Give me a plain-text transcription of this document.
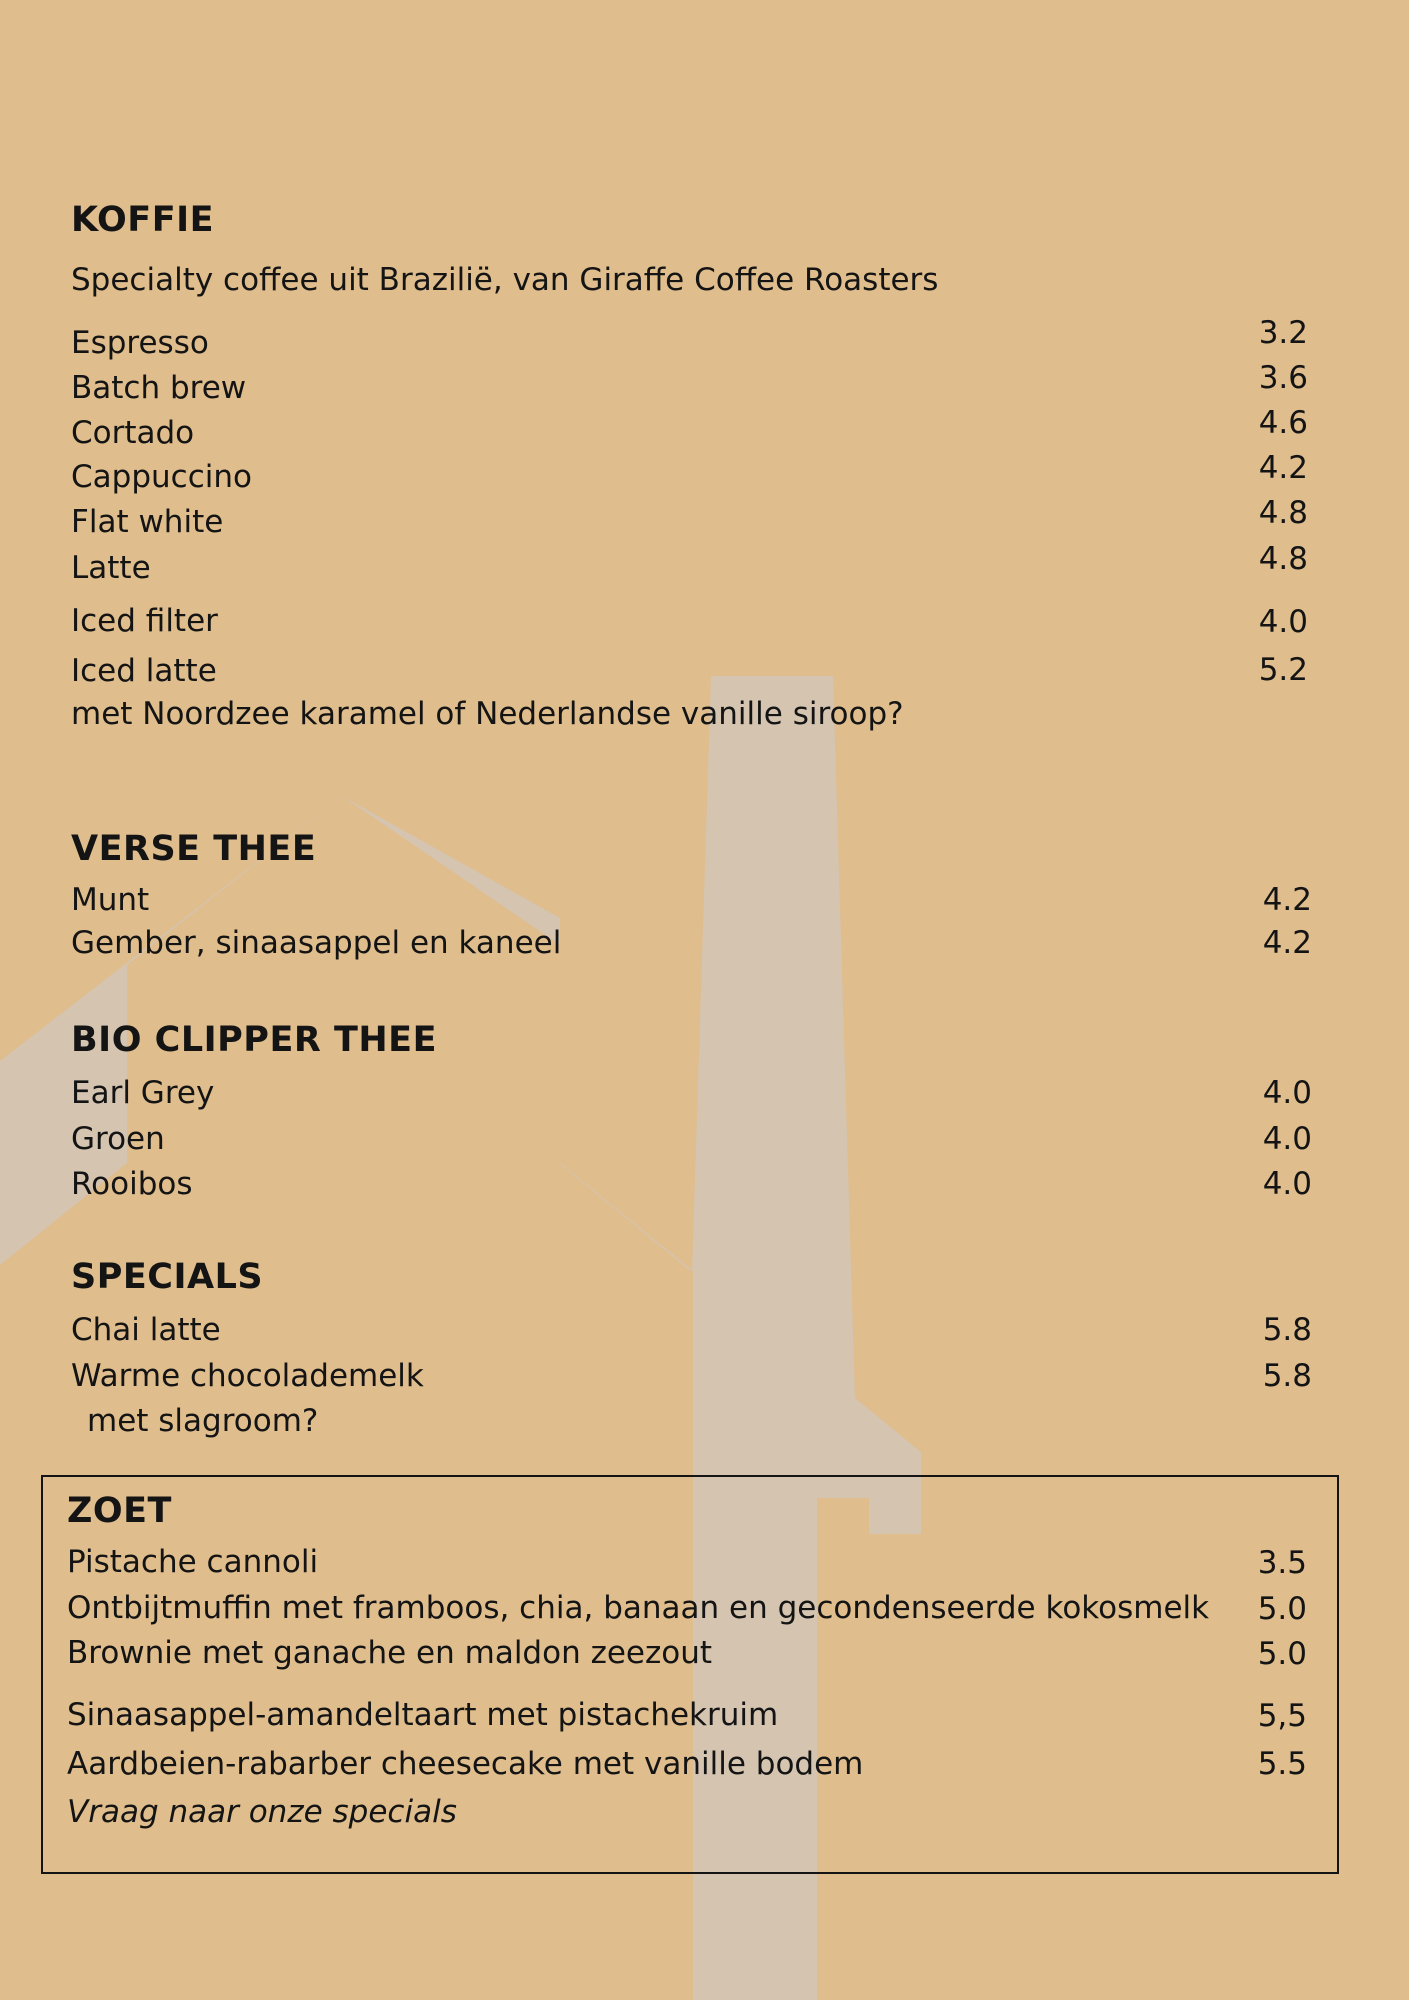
KOFFIE
Specialty coffee uit Brazilië, van Giraffe Coffee Roasters
Espresso	3.2
Batch brew	3.6
Cortado	4.6
Cappuccino	4.2
Flat white	4.8
Latte	4.8
Iced filter	4.0
Iced latte	5.2
met Noordzee karamel of Nederlandse vanille siroop?
VERSE THEE
Munt	4.2
Gember, sinaasappel en kaneel	4.2
BIO CLIPPER THEE
Earl Grey	4.0
Groen	4.0
Rooibos	4.0
SPECIALS
Chai latte	5.8
Warme chocolademelk	5.8
met slagroom?
ZOET
Pistache cannoli	3.5
Ontbijtmuffin met framboos, chia, banaan en gecondenseerde kokosmelk	5.0
Brownie met ganache en maldon zeezout	5.0
Sinaasappel-amandeltaart met pistachekruim	5,5
Aardbeien-rabarber cheesecake met vanille bodem	5.5
Vraag naar onze specials
